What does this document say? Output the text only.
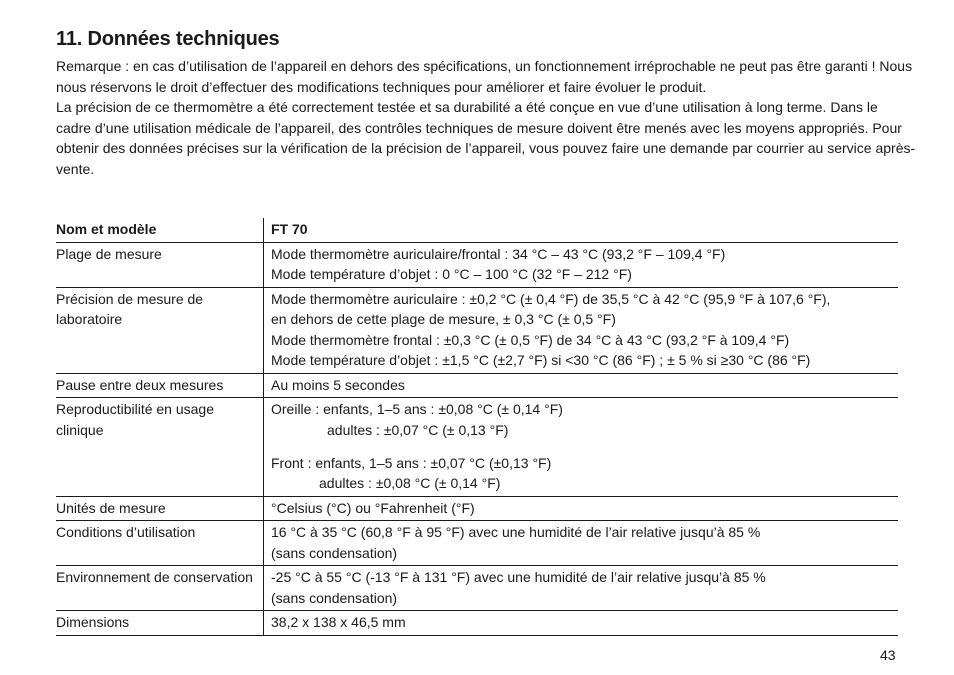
11. Données techniques

Remarque : en cas d’utilisation de l’appareil en dehors des spécifications, un fonctionnement irréprochable ne peut pas être garanti ! Nous nous réservons le droit d’effectuer des modifications techniques pour améliorer et faire évoluer le produit.

La précision de ce thermomètre a été correctement testée et sa durabilité a été conçue en vue d’une utilisation à long terme. Dans le cadre d’une utilisation médicale de l’appareil, des contrôles techniques de mesure doivent être menés avec les moyens appropriés. Pour obtenir des données précises sur la vérification de la précision de l’appareil, vous pouvez faire une demande par courrier au service après-vente.

Nom et modèle	FT 70
Plage de mesure	Mode thermomètre auriculaire/frontal : 34 °C – 43 °C (93,2 °F – 109,4 °F)
Mode température d’objet : 0 °C – 100 °C (32 °F – 212 °F)

Précision de mesure de laboratoire	Mode thermomètre auriculaire : ±0,2 °C (± 0,4 °F) de 35,5 °C à 42 °C (95,9 °F à 107,6 °F),
en dehors de cette plage de mesure, ± 0,3 °C (± 0,5 °F)
Mode thermomètre frontal : ±0,3 °C (± 0,5 °F) de 34 °C à 43 °C (93,2 °F à 109,4 °F)
Mode température d’objet : ±1,5 °C (±2,7 °F) si <30 °C (86 °F) ; ± 5 % si ≥30 °C (86 °F)

Pause entre deux mesures	Au moins 5 secondes

Reproductibilité en usage clinique	Oreille : enfants, 1–5 ans : ±0,08 °C (± 0,14 °F)
adultes : ±0,07 °C (± 0,13 °F)
Front : enfants, 1–5 ans : ±0,07 °C (±0,13 °F)
adultes : ±0,08 °C (± 0,14 °F)

Unités de mesure	°Celsius (°C) ou °Fahrenheit (°F)

Conditions d’utilisation	16 °C à 35 °C (60,8 °F à 95 °F) avec une humidité de l’air relative jusqu’à 85 %
(sans condensation)

Environnement de conservation	-25 °C à 55 °C (-13 °F à 131 °F) avec une humidité de l’air relative jusqu’à 85 %
(sans condensation)

Dimensions	38,2 x 138 x 46,5 mm
43
